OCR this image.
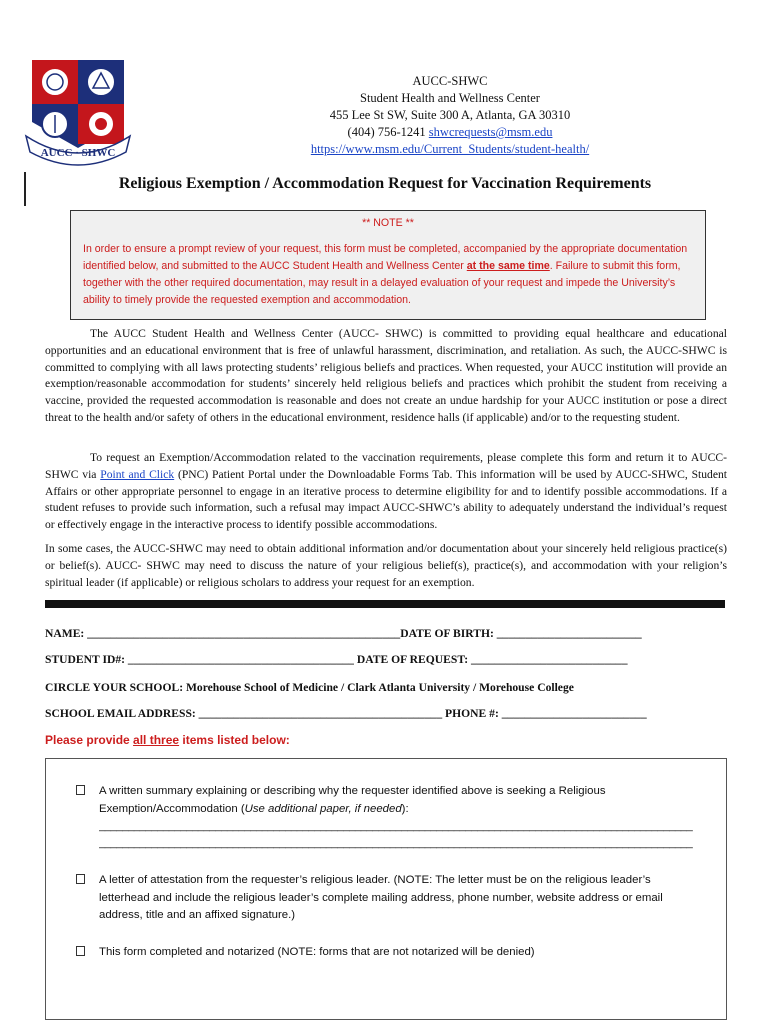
AUCC · SHWC
AUCC-SHWC
Student Health and Wellness Center
455 Lee St SW, Suite 300 A, Atlanta, GA 30310
(404) 756-1241 shwcrequests@msm.edu
https://www.msm.edu/Current_Students/student-health/
Religious Exemption / Accommodation Request for Vaccination Requirements
** NOTE **
In order to ensure a prompt review of your request, this form must be completed, accompanied by the appropriate documentation identified below, and submitted to the AUCC Student Health and Wellness Center at the same time. Failure to submit this form, together with the other required documentation, may result in a delayed evaluation of your request and impede the University’s ability to timely provide the requested exemption and accommodation.
The AUCC Student Health and Wellness Center (AUCC- SHWC) is committed to providing equal healthcare and educational opportunities and an educational environment that is free of unlawful harassment, discrimination, and retaliation. As such, the AUCC-SHWC is committed to complying with all laws protecting students’ religious beliefs and practices. When requested, your AUCC institution will provide an exemption/reasonable accommodation for students’ sincerely held religious beliefs and practices which prohibit the student from receiving a vaccine, provided the requested accommodation is reasonable and does not create an undue hardship for your AUCC institution or pose a direct threat to the health and/or safety of others in the educational environment, residence halls (if applicable) and/or to the requesting student.
To request an Exemption/Accommodation related to the vaccination requirements, please complete this form and return it to AUCC-SHWC via Point and Click (PNC) Patient Portal under the Downloadable Forms Tab. This information will be used by AUCC-SHWC, Student Affairs or other appropriate personnel to engage in an iterative process to determine eligibility for and to identify possible accommodations. If a student refuses to provide such information, such a refusal may impact AUCC-SHWC’s ability to adequately understand the individual’s request or effectively engage in the interactive process to identify possible accommodations.
In some cases, the AUCC-SHWC may need to obtain additional information and/or documentation about your sincerely held religious practice(s) or belief(s). AUCC- SHWC may need to discuss the nature of your religious belief(s), practice(s), and accommodation with your religion’s spiritual leader (if applicable) or religious scholars to address your request for an exemption.
NAME: ______________________________________________________DATE OF BIRTH: _________________________
STUDENT ID#: _______________________________________ DATE OF REQUEST: ___________________________
CIRCLE YOUR SCHOOL: Morehouse School of Medicine / Clark Atlanta University / Morehouse College
SCHOOL EMAIL ADDRESS: __________________________________________ PHONE #: _________________________
Please provide all three items listed below:
A written summary explaining or describing why the requester identified above is seeking a Religious Exemption/Accommodation (Use additional paper, if needed):
______________________________________________________________________________________________________
______________________________________________________________________________________________________
A letter of attestation from the requester’s religious leader. (NOTE: The letter must be on the religious leader’s letterhead and include the religious leader’s complete mailing address, phone number, website address or email address, title and an affixed signature.)
This form completed and notarized (NOTE: forms that are not notarized will be denied)
